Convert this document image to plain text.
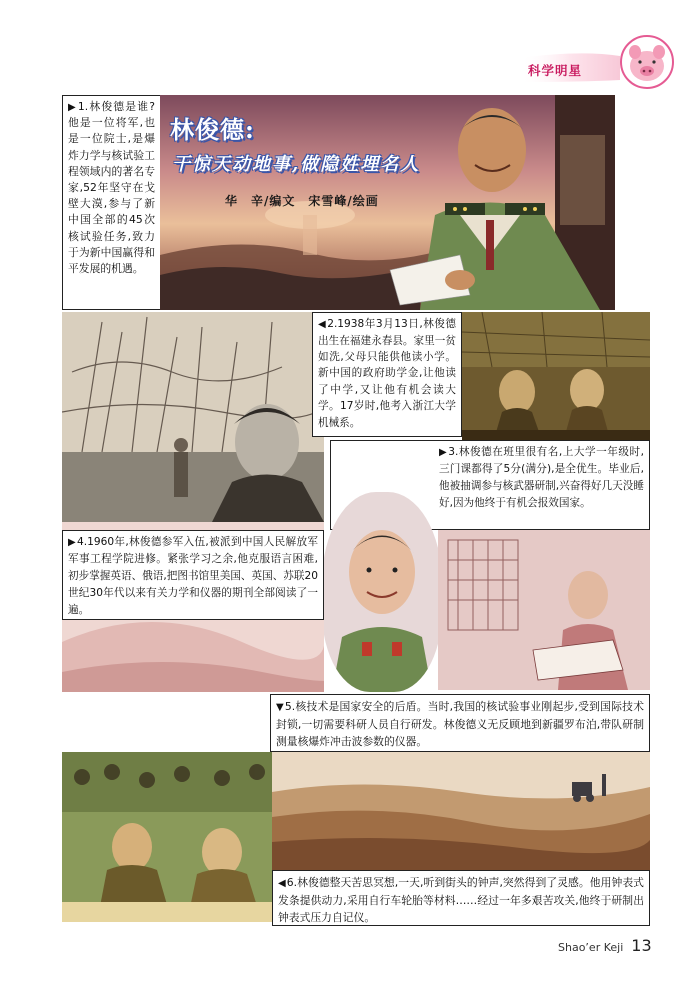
科学明星
林俊德:
干惊天动地事,做隐姓埋名人
华　辛/编文　宋雪峰/绘画
▶1.林俊德是谁?他是一位将军,也是一位院士,是爆炸力学与核试验工程领域内的著名专家,52年坚守在戈壁大漠,参与了新中国全部的45次核试验任务,致力于为新中国赢得和平发展的机遇。
◀2.1938年3月13日,林俊德出生在福建永春县。家里一贫如洗,父母只能供他读小学。新中国的政府助学金,让他读了中学,又让他有机会读大学。17岁时,他考入浙江大学机械系。
▶3.林俊德在班里很有名,上大学一年级时,三门课都得了5分(满分),是全优生。毕业后,他被抽调参与核武器研制,兴奋得好几天没睡好,因为他终于有机会报效国家。
▶4.1960年,林俊德参军入伍,被派到中国人民解放军军事工程学院进修。紧张学习之余,他克服语言困难,初步掌握英语、俄语,把图书馆里美国、英国、苏联20世纪30年代以来有关力学和仪器的期刊全部阅读了一遍。
▼5.核技术是国家安全的后盾。当时,我国的核试验事业刚起步,受到国际技术封锁,一切需要科研人员自行研发。林俊德义无反顾地到新疆罗布泊,带队研制测量核爆炸冲击波参数的仪器。
◀6.林俊德整天苦思冥想,一天,听到街头的钟声,突然得到了灵感。他用钟表式发条提供动力,采用自行车轮胎等材料……经过一年多艰苦攻关,他终于研制出钟表式压力自记仪。
Shao’er Keji 13
